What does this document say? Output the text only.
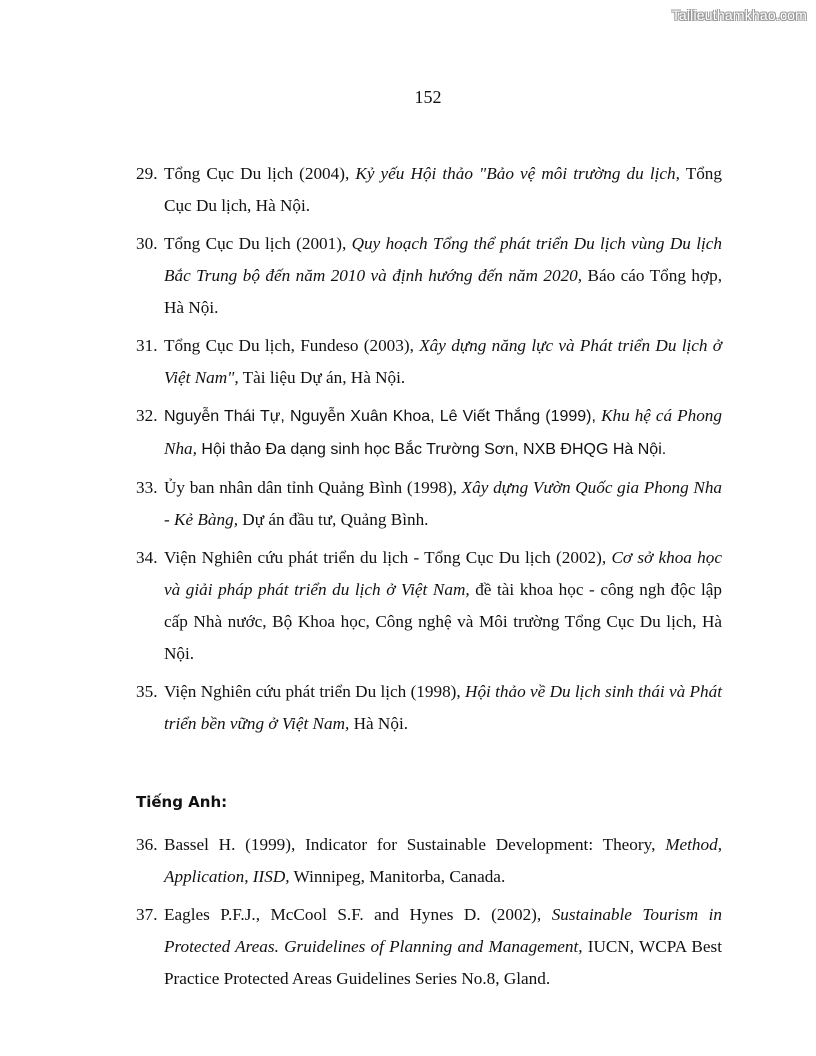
Tailieuthamkhao.com
152
29. Tổng Cục Du lịch (2004), Kỷ yếu Hội thảo "Bảo vệ môi trường du lịch, Tổng Cục Du lịch, Hà Nội.
30. Tổng Cục Du lịch (2001), Quy hoạch Tổng thể phát triển Du lịch vùng Du lịch Bắc Trung bộ đến năm 2010 và định hướng đến năm 2020, Báo cáo Tổng hợp, Hà Nội.
31. Tổng Cục Du lịch, Fundeso (2003), Xây dựng năng lực và Phát triển Du lịch ở Việt Nam", Tài liệu Dự án, Hà Nội.
32. Nguyễn Thái Tự, Nguyễn Xuân Khoa, Lê Viết Thắng (1999), Khu hệ cá Phong Nha, Hội thảo Đa dạng sinh học Bắc Trường Sơn, NXB ĐHQG Hà Nội.
33. Ủy ban nhân dân tỉnh Quảng Bình (1998), Xây dựng Vườn Quốc gia Phong Nha - Kẻ Bàng, Dự án đầu tư, Quảng Bình.
34. Viện Nghiên cứu phát triển du lịch - Tổng Cục Du lịch (2002), Cơ sở khoa học và giải pháp phát triển du lịch ở Việt Nam, đề tài khoa học - công ngh độc lập cấp Nhà nước, Bộ Khoa học, Công nghệ và Môi trường Tổng Cục Du lịch, Hà Nội.
35. Viện Nghiên cứu phát triển Du lịch (1998), Hội thảo về Du lịch sinh thái và Phát triển bền vững ở Việt Nam, Hà Nội.
Tiếng Anh:
36. Bassel H. (1999), Indicator for Sustainable Development: Theory, Method, Application, IISD, Winnipeg, Manitorba, Canada.
37. Eagles P.F.J., McCool S.F. and Hynes D. (2002), Sustainable Tourism in Protected Areas. Gruidelines of Planning and Management, IUCN, WCPA Best Practice Protected Areas Guidelines Series No.8, Gland.
